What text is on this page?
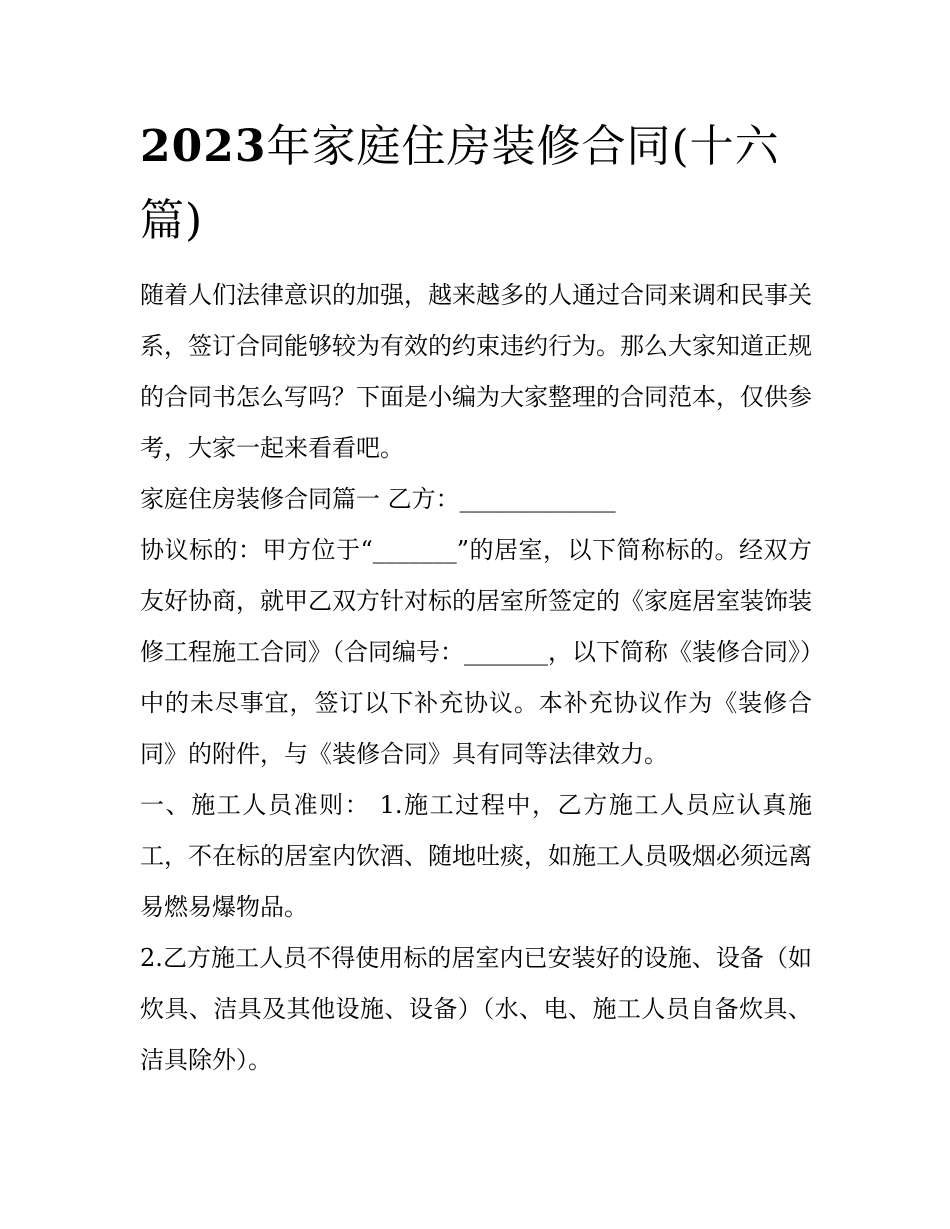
2023年家庭住房装修合同(十六篇)

随着人们法律意识的加强，越来越多的人通过合同来调和民事关系，签订合同能够较为有效的约束违约行为。那么大家知道正规的合同书怎么写吗？下面是小编为大家整理的合同范本，仅供参考，大家一起来看看吧。

家庭住房装修合同篇一 乙方：_____________

协议标的：甲方位于“_______”的居室，以下简称标的。经双方友好协商，就甲乙双方针对标的居室所签定的《家庭居室装饰装修工程施工合同》（合同编号：_______，以下简称《装修合同》）中的未尽事宜，签订以下补充协议。本补充协议作为《装修合同》的附件，与《装修合同》具有同等法律效力。

一、施工人员准则： 1.施工过程中，乙方施工人员应认真施工，不在标的居室内饮酒、随地吐痰，如施工人员吸烟必须远离易燃易爆物品。

2.乙方施工人员不得使用标的居室内已安装好的设施、设备（如炊具、洁具及其他设施、设备）（水、电、施工人员自备炊具、洁具除外）。
